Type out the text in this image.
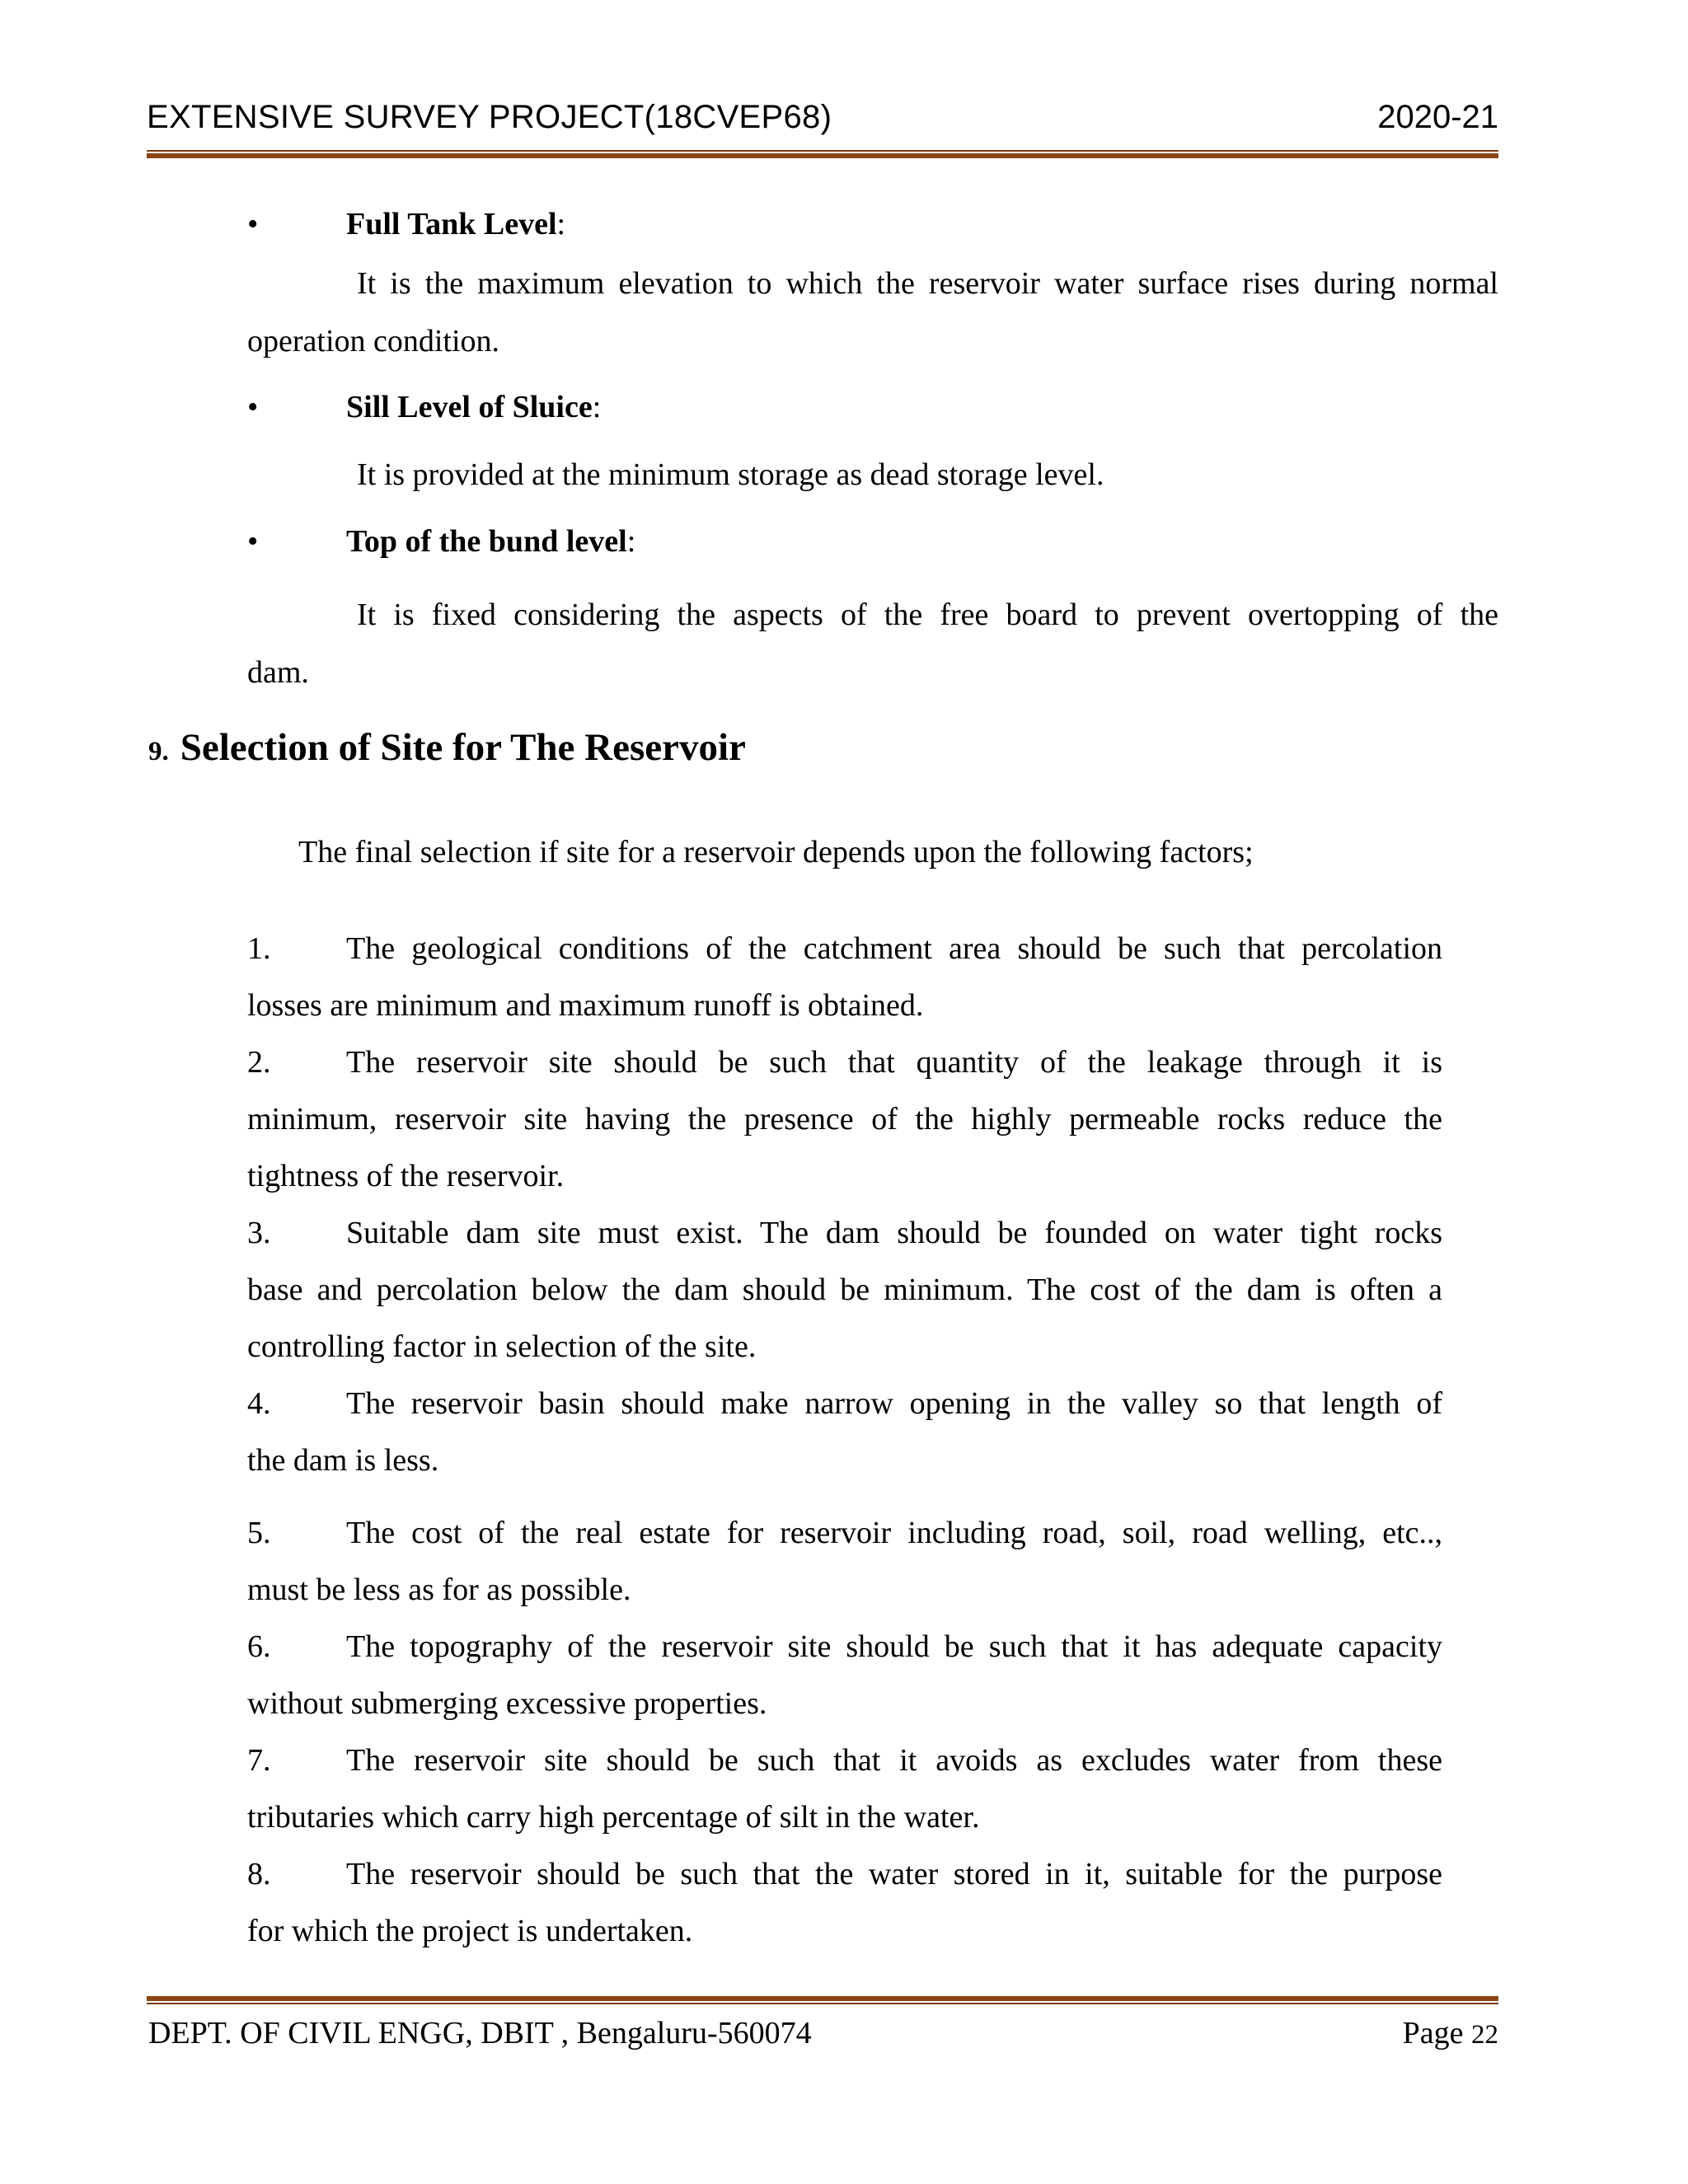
EXTENSIVE SURVEY PROJECT(18CVEP68)	2020-21
•	Full Tank Level:
It is the maximum elevation to which the reservoir water surface rises during normal
operation condition.
•	Sill Level of Sluice:
It is provided at the minimum storage as dead storage level.
•	Top of the bund level:
It is fixed considering the aspects of the free board to prevent overtopping of the
dam.
9. Selection of Site for The Reservoir
The final selection if site for a reservoir depends upon the following factors;
1. The geological conditions of the catchment area should be such that percolation
losses are minimum and maximum runoff is obtained.
2. The reservoir site should be such that quantity of the leakage through it is
minimum, reservoir site having the presence of the highly permeable rocks reduce the
tightness of the reservoir.
3. Suitable dam site must exist. The dam should be founded on water tight rocks
base and percolation below the dam should be minimum. The cost of the dam is often a
controlling factor in selection of the site.
4. The reservoir basin should make narrow opening in the valley so that length of
the dam is less.
5. The cost of the real estate for reservoir including road, soil, road welling, etc..,
must be less as for as possible.
6. The topography of the reservoir site should be such that it has adequate capacity
without submerging excessive properties.
7. The reservoir site should be such that it avoids as excludes water from these
tributaries which carry high percentage of silt in the water.
8. The reservoir should be such that the water stored in it, suitable for the purpose
for which the project is undertaken.
DEPT. OF CIVIL ENGG, DBIT , Bengaluru-560074	Page 22
